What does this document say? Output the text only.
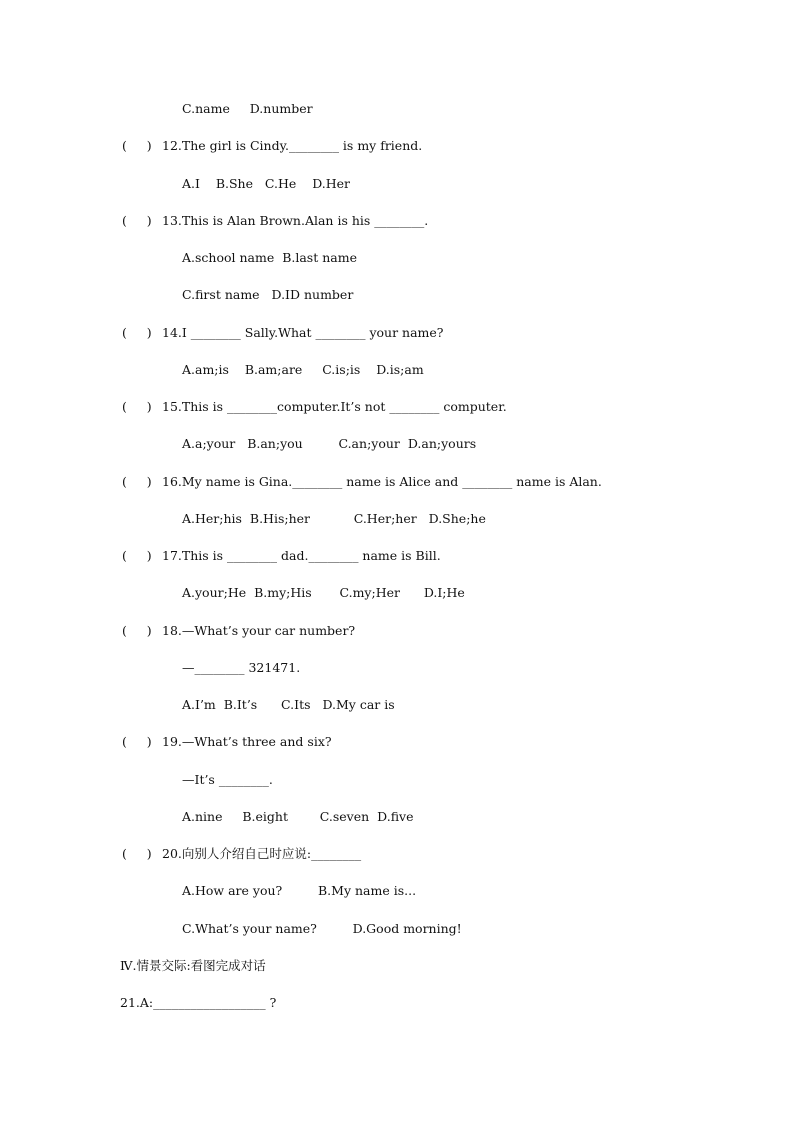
C.name     D.number
(     ) 12.The girl is Cindy.________ is my friend.
A.I    B.She   C.He    D.Her
(     ) 13.This is Alan Brown.Alan is his ________.
A.school name  B.last name
C.first name   D.ID number
(     ) 14.I ________ Sally.What ________ your name?
A.am;is    B.am;are     C.is;is    D.is;am
(     ) 15.This is ________computer.It’s not ________ computer.
A.a;your   B.an;you         C.an;your  D.an;yours
(     ) 16.My name is Gina.________ name is Alice and ________ name is Alan.
A.Her;his  B.His;her           C.Her;her   D.She;he
(     ) 17.This is ________ dad.________ name is Bill.
A.your;He  B.my;His       C.my;Her      D.I;He
(     ) 18.—What’s your car number?
—________ 321471.
A.I’m  B.It’s      C.Its   D.My car is
(     ) 19.—What’s three and six?
—It’s ________.
A.nine     B.eight        C.seven  D.five
(     ) 20.向别人介绍自己时应说:________
A.How are you?         B.My name is...
C.What’s your name?         D.Good morning!
Ⅳ.情景交际:看图完成对话
21.A:__________________ ?
